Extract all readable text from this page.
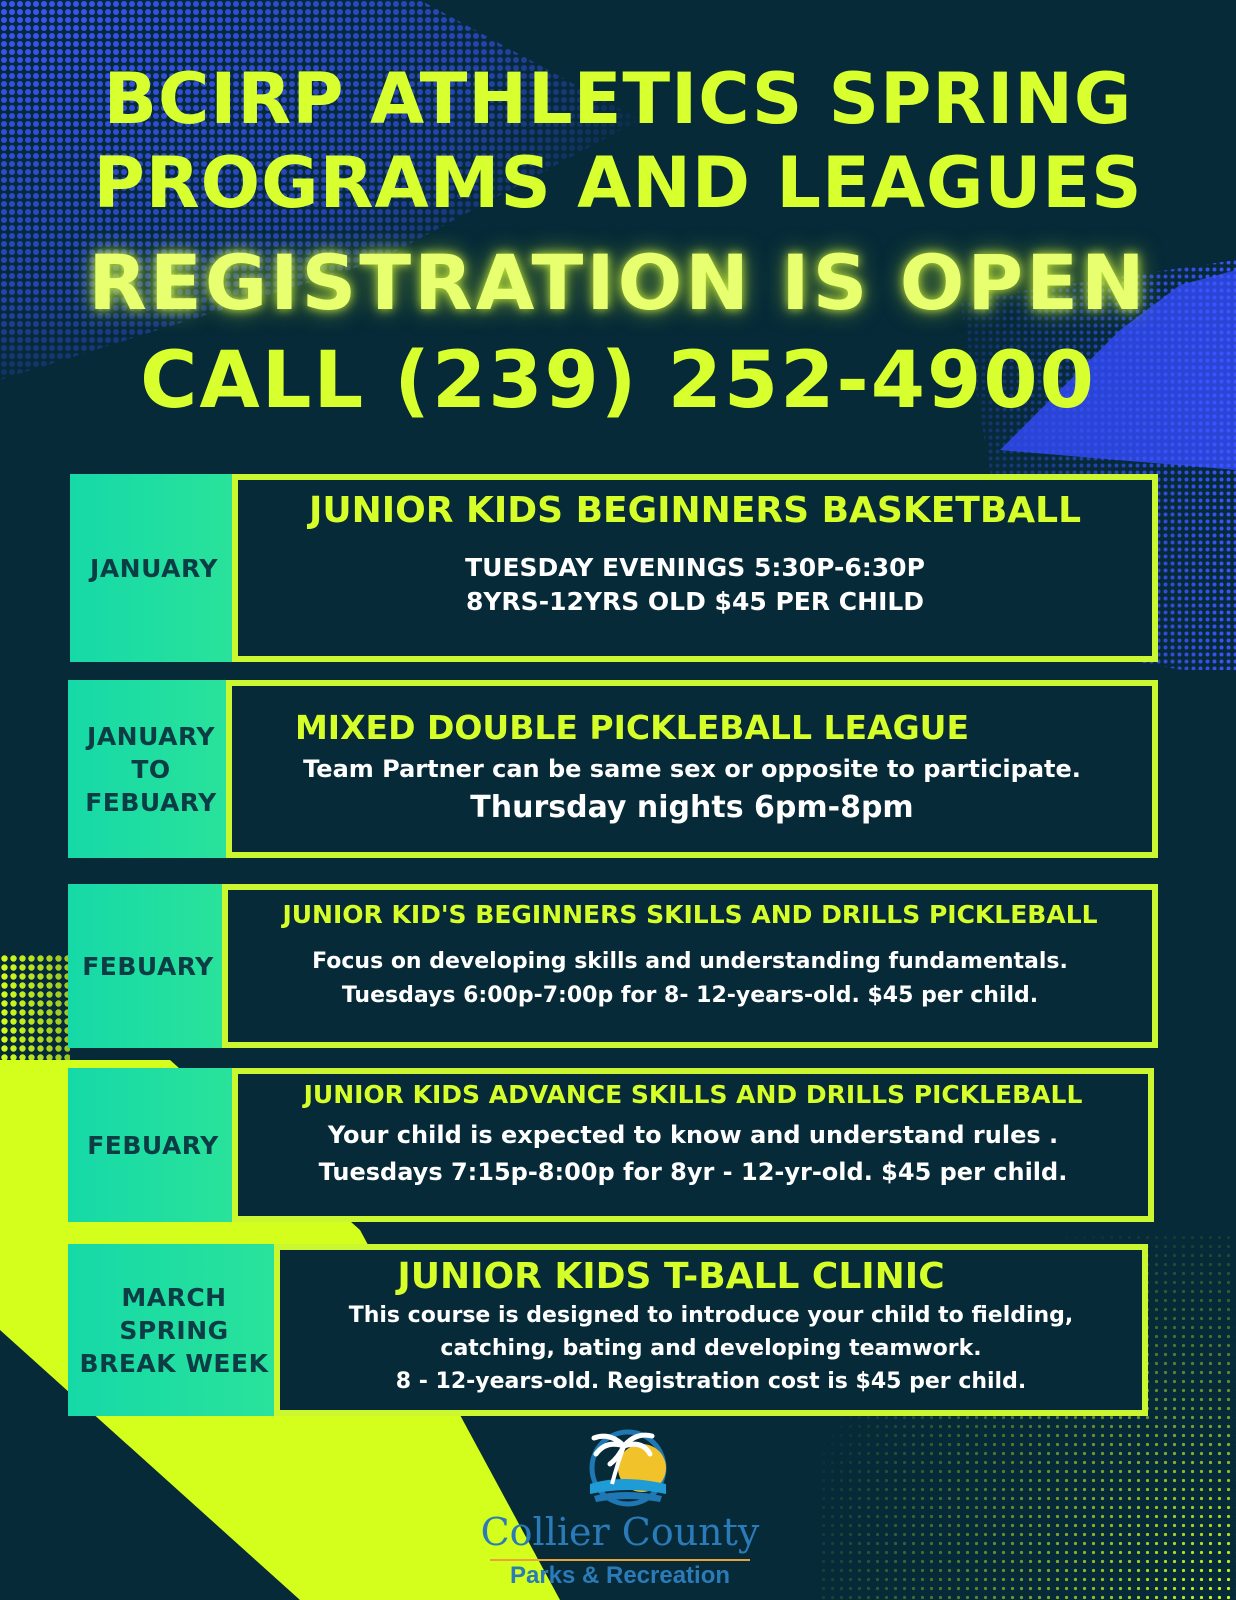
BCIRP ATHLETICS SPRING
PROGRAMS AND LEAGUES
REGISTRATION IS OPEN
CALL (239) 252-4900
JANUARY
JUNIOR KIDS BEGINNERS BASKETBALL
TUESDAY EVENINGS 5:30P-6:30P
8YRS-12YRS OLD $45 PER CHILD
JANUARY
TO
FEBUARY
MIXED DOUBLE PICKLEBALL LEAGUE
Team Partner can be same sex or opposite to participate.
Thursday nights 6pm-8pm
FEBUARY
JUNIOR KID'S BEGINNERS SKILLS AND DRILLS PICKLEBALL
Focus on developing skills and understanding fundamentals.
Tuesdays 6:00p-7:00p for 8- 12-years-old. $45 per child.
FEBUARY
JUNIOR KIDS ADVANCE SKILLS AND DRILLS PICKLEBALL
Your child is expected to know and understand rules .
Tuesdays 7:15p-8:00p for 8yr - 12-yr-old. $45 per child.
MARCH
SPRING
BREAK WEEK
JUNIOR KIDS T-BALL CLINIC
This course is designed to introduce your child to fielding,
catching, bating and developing teamwork.
8 - 12-years-old. Registration cost is $45 per child.
Collier County
Parks & Recreation
